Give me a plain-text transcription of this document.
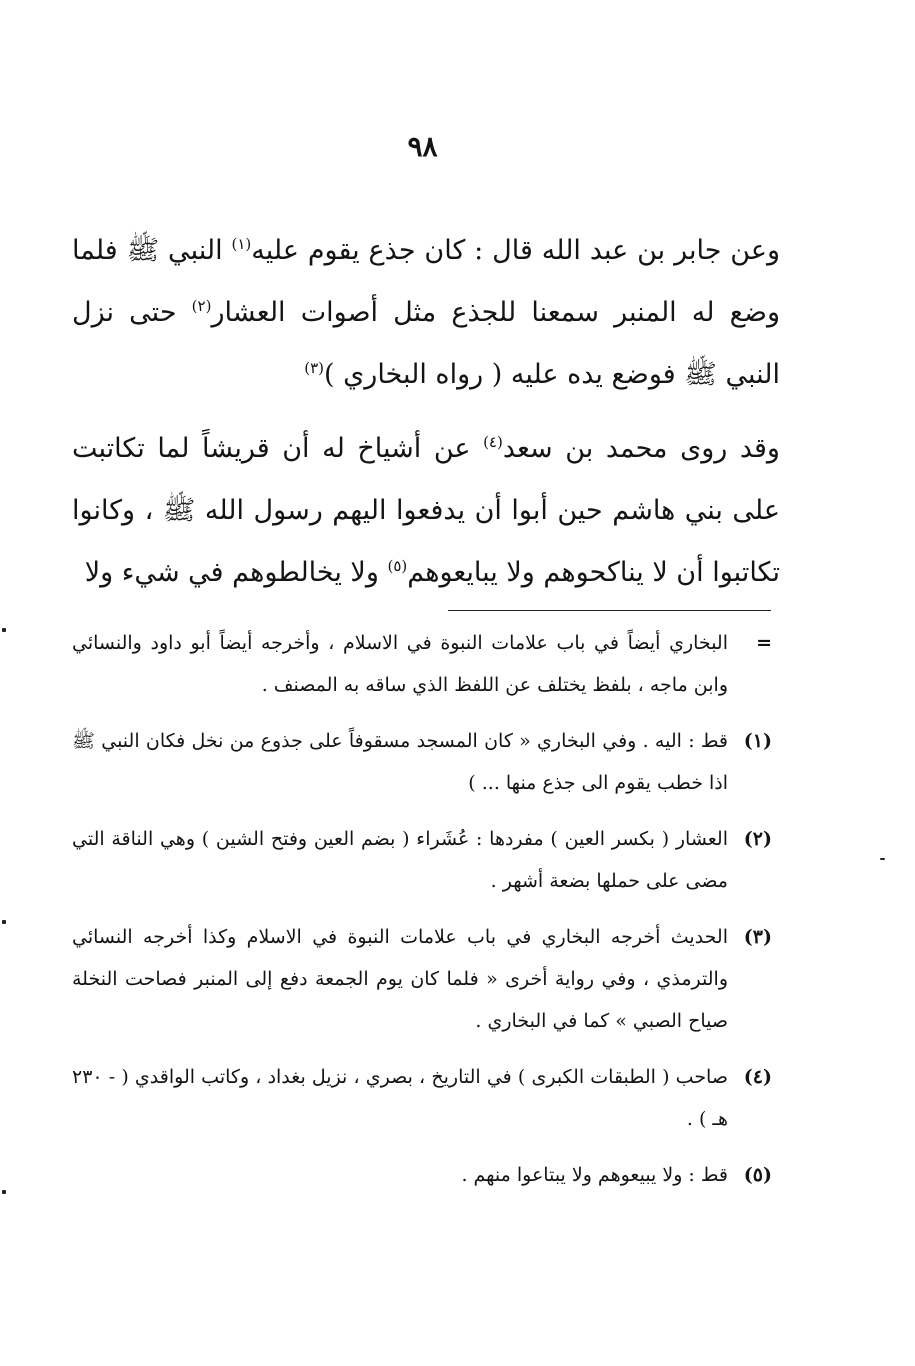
٩٨

وعن جابر بن عبد الله قال : كان جذع يقوم عليه$^{(١)}$ النبي ﷺ فلما وضع له المنبر سمعنا للجذع مثل أصوات العشار$^{(٢)}$ حتى نزل النبي ﷺ فوضع يده عليه ( رواه البخاري )$^{(٣)}$

وقد روى محمد بن سعد$^{(٤)}$ عن أشياخ له أن قريشاً لما تكاتبت على بني هاشم حين أبوا أن يدفعوا اليهم رسول الله ﷺ ، وكانوا تكاتبوا أن لا يناكحوهم ولا يبايعوهم$^{(٥)}$ ولا يخالطوهم في شيء ولا

=
البخاري أيضاً في باب علامات النبوة في الاسلام ، وأخرجه أيضاً أبو داود والنسائي وابن ماجه ، بلفظ يختلف عن اللفظ الذي ساقه به المصنف .
(١)
قط : اليه . وفي البخاري « كان المسجد مسقوفاً على جذوع من نخل فكان النبي ﷺ اذا خطب يقوم الى جذع منها ... )
(٢)
العشار ( بكسر العين ) مفردها : عُشَراء ( بضم العين وفتح الشين ) وهي الناقة التي مضى على حملها بضعة أشهر .
(٣)
الحديث أخرجه البخاري في باب علامات النبوة في الاسلام وكذا أخرجه النسائي والترمذي ، وفي رواية أخرى « فلما كان يوم الجمعة دفع إلى المنبر فصاحت النخلة صياح الصبي » كما في البخاري .
(٤)
صاحب ( الطبقات الكبرى ) في التاريخ ، بصري ، نزيل بغداد ، وكاتب الواقدي ( - ٢٣٠ هـ ) .
(٥)
قط : ولا يبيعوهم ولا يبتاعوا منهم .
